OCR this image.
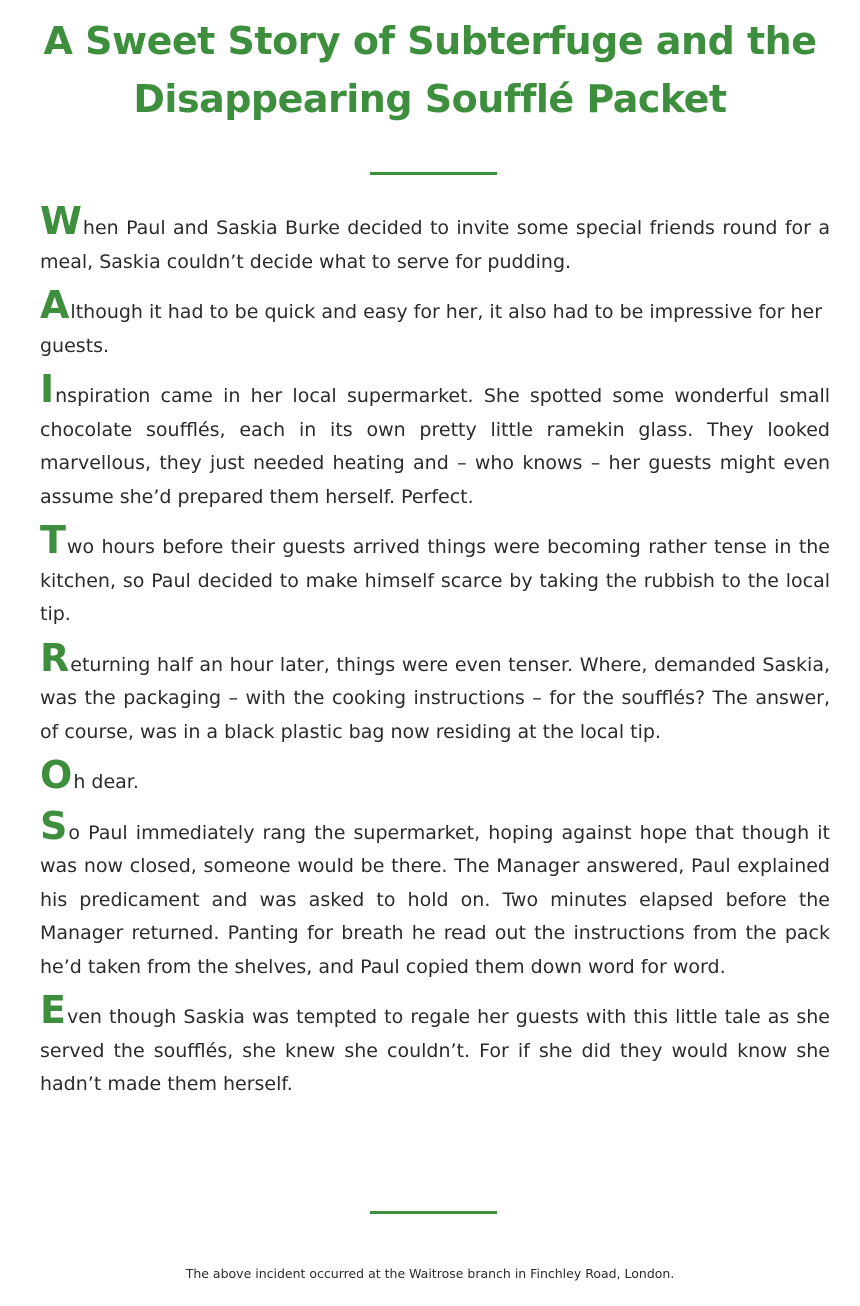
A Sweet Story of Subterfuge and the Disappearing Soufflé Packet

When Paul and Saskia Burke decided to invite some special friends round for a meal, Saskia couldn’t decide what to serve for pudding.

Although it had to be quick and easy for her, it also had to be impressive for her guests.

Inspiration came in her local supermarket. She spotted some wonderful small chocolate soufflés, each in its own pretty little ramekin glass. They looked marvellous, they just needed heating and – who knows – her guests might even assume she’d prepared them herself. Perfect.

Two hours before their guests arrived things were becoming rather tense in the kitchen, so Paul decided to make himself scarce by taking the rubbish to the local tip.

Returning half an hour later, things were even tenser. Where, demanded Saskia, was the packaging – with the cooking instructions – for the soufflés? The answer, of course, was in a black plastic bag now residing at the local tip.

Oh dear.

So Paul immediately rang the supermarket, hoping against hope that though it was now closed, someone would be there. The Manager answered, Paul explained his predicament and was asked to hold on. Two minutes elapsed before the Manager returned. Panting for breath he read out the instructions from the pack he’d taken from the shelves, and Paul copied them down word for word.

Even though Saskia was tempted to regale her guests with this little tale as she served the soufflés, she knew she couldn’t. For if she did they would know she hadn’t made them herself.

The above incident occurred at the Waitrose branch in Finchley Road, London.
